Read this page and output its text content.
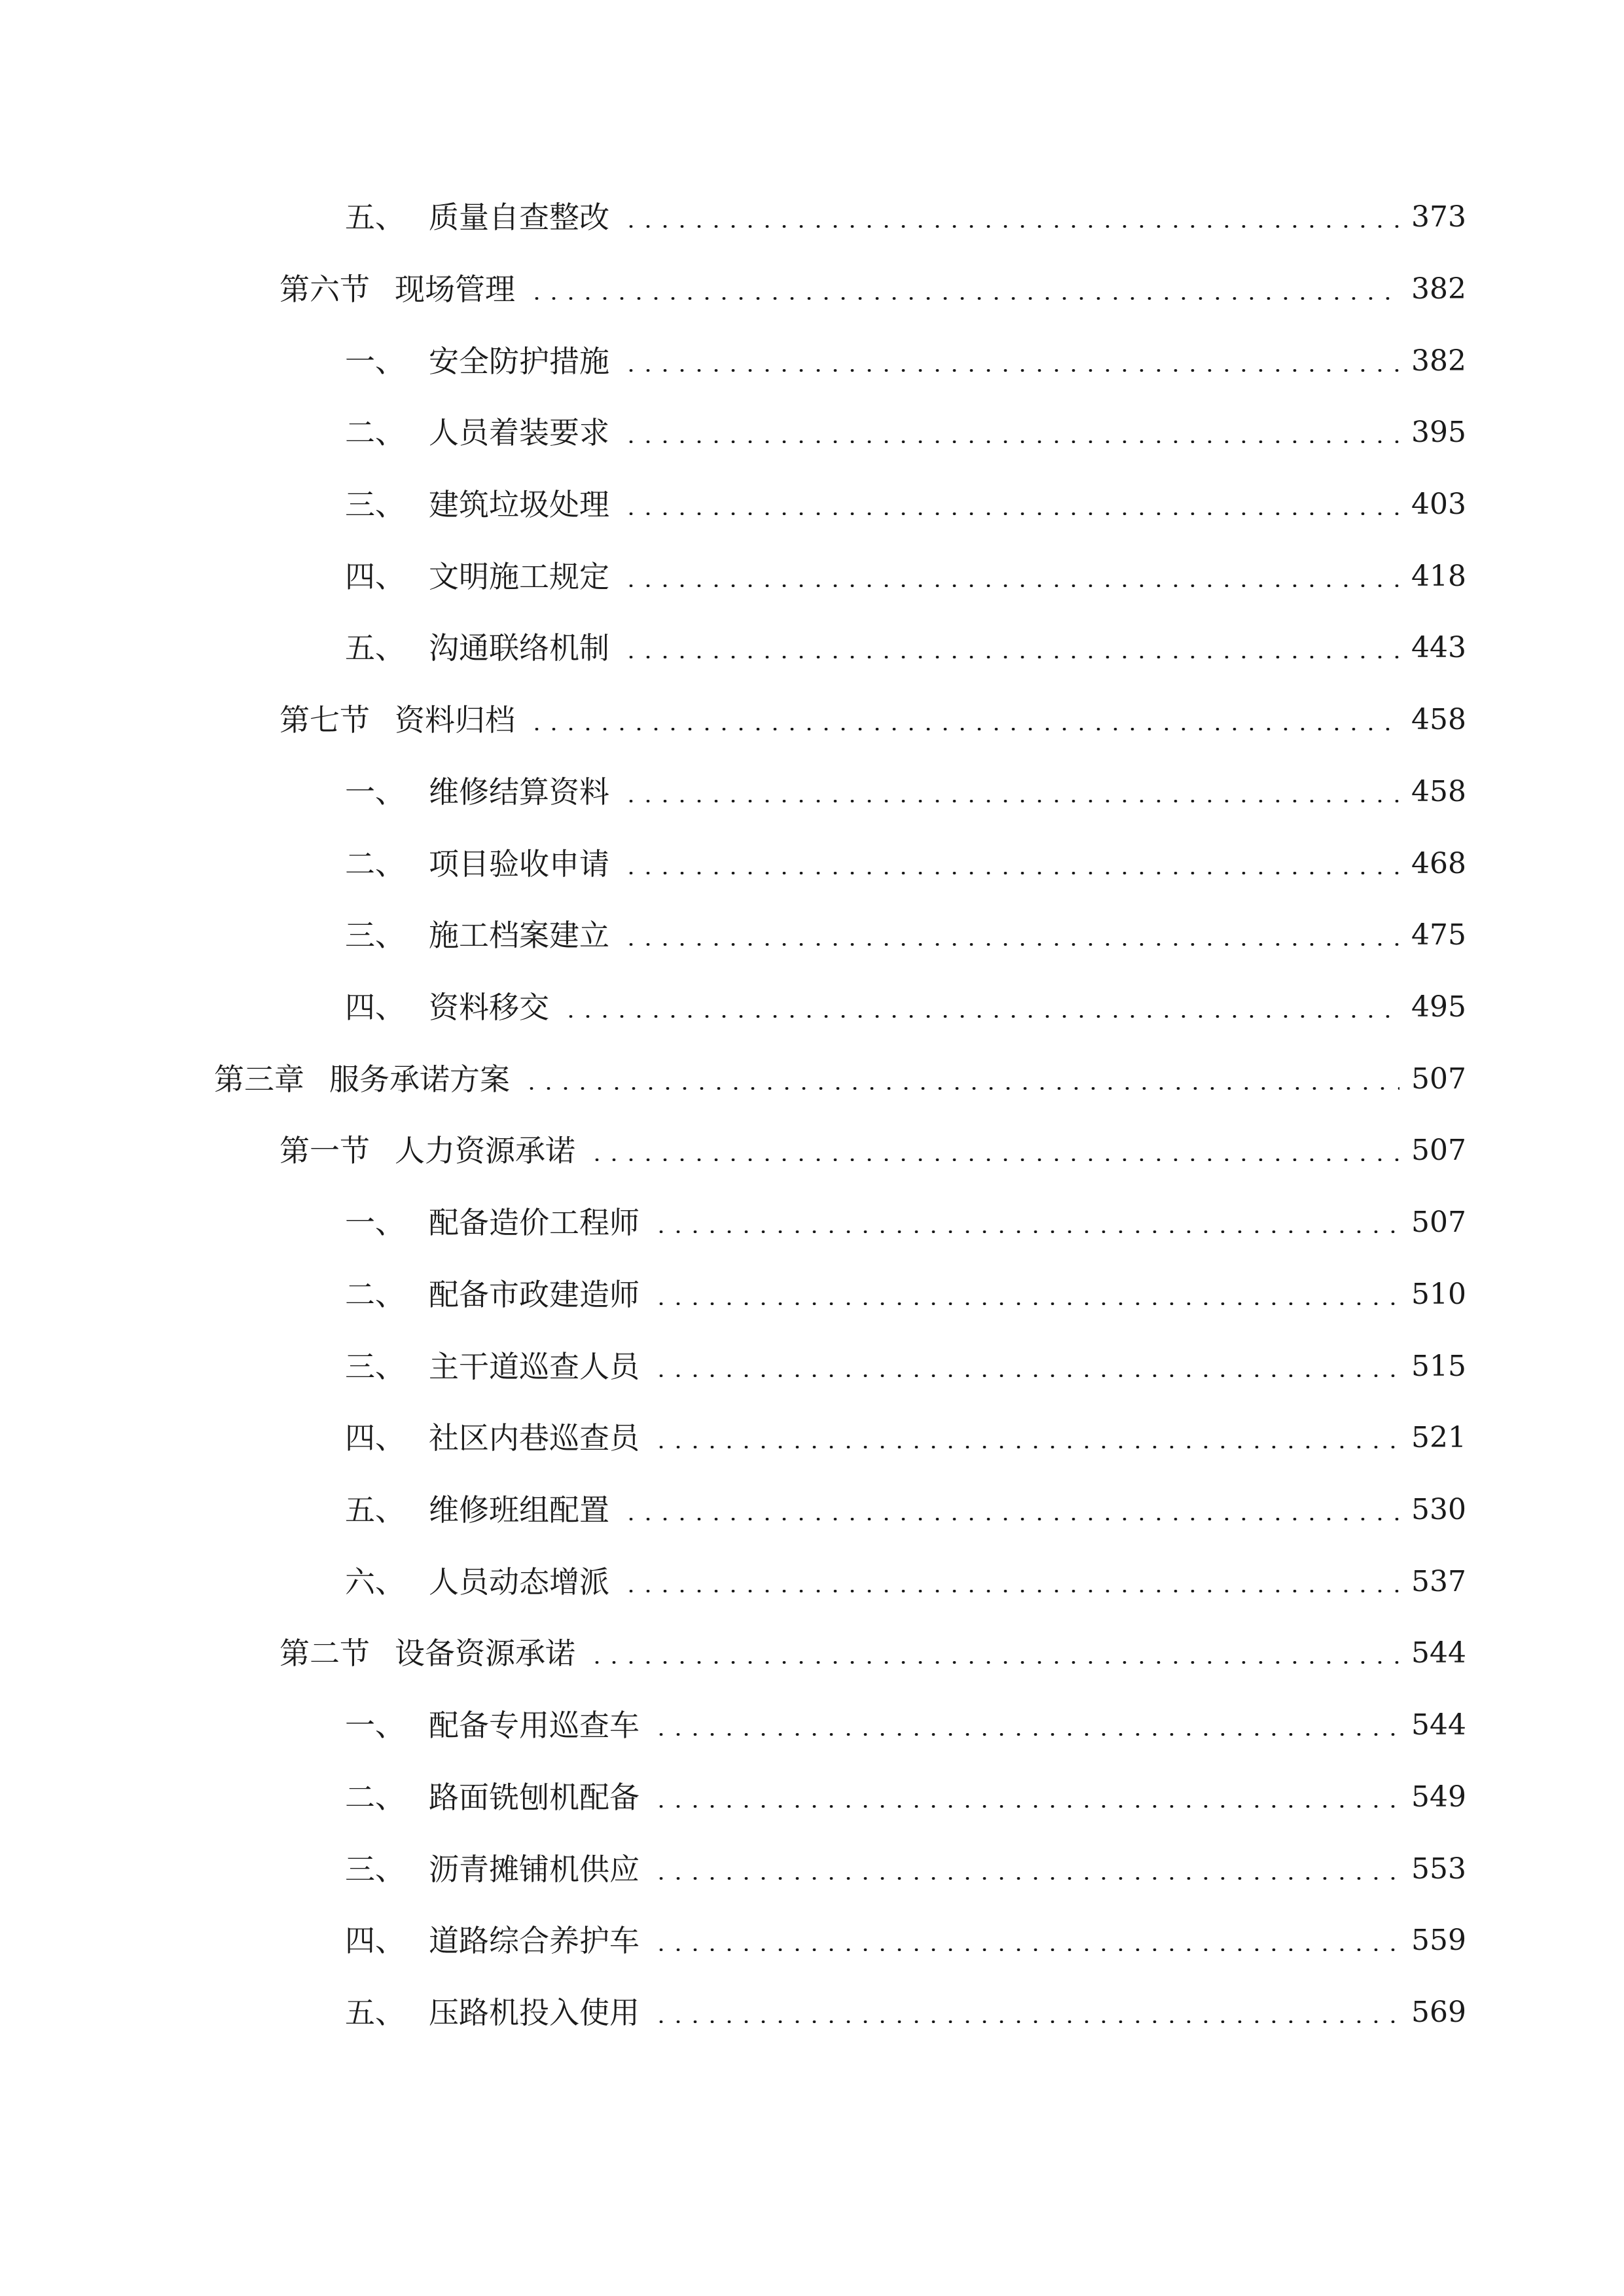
五、 质量自查整改	373
第六节 现场管理	382
一、 安全防护措施	382
二、 人员着装要求	395
三、 建筑垃圾处理	403
四、 文明施工规定	418
五、 沟通联络机制	443
第七节 资料归档	458
一、 维修结算资料	458
二、 项目验收申请	468
三、 施工档案建立	475
四、 资料移交	495
第三章 服务承诺方案	507
第一节 人力资源承诺	507
一、 配备造价工程师	507
二、 配备市政建造师	510
三、 主干道巡查人员	515
四、 社区内巷巡查员	521
五、 维修班组配置	530
六、 人员动态增派	537
第二节 设备资源承诺	544
一、 配备专用巡查车	544
二、 路面铣刨机配备	549
三、 沥青摊铺机供应	553
四、 道路综合养护车	559
五、 压路机投入使用	569
